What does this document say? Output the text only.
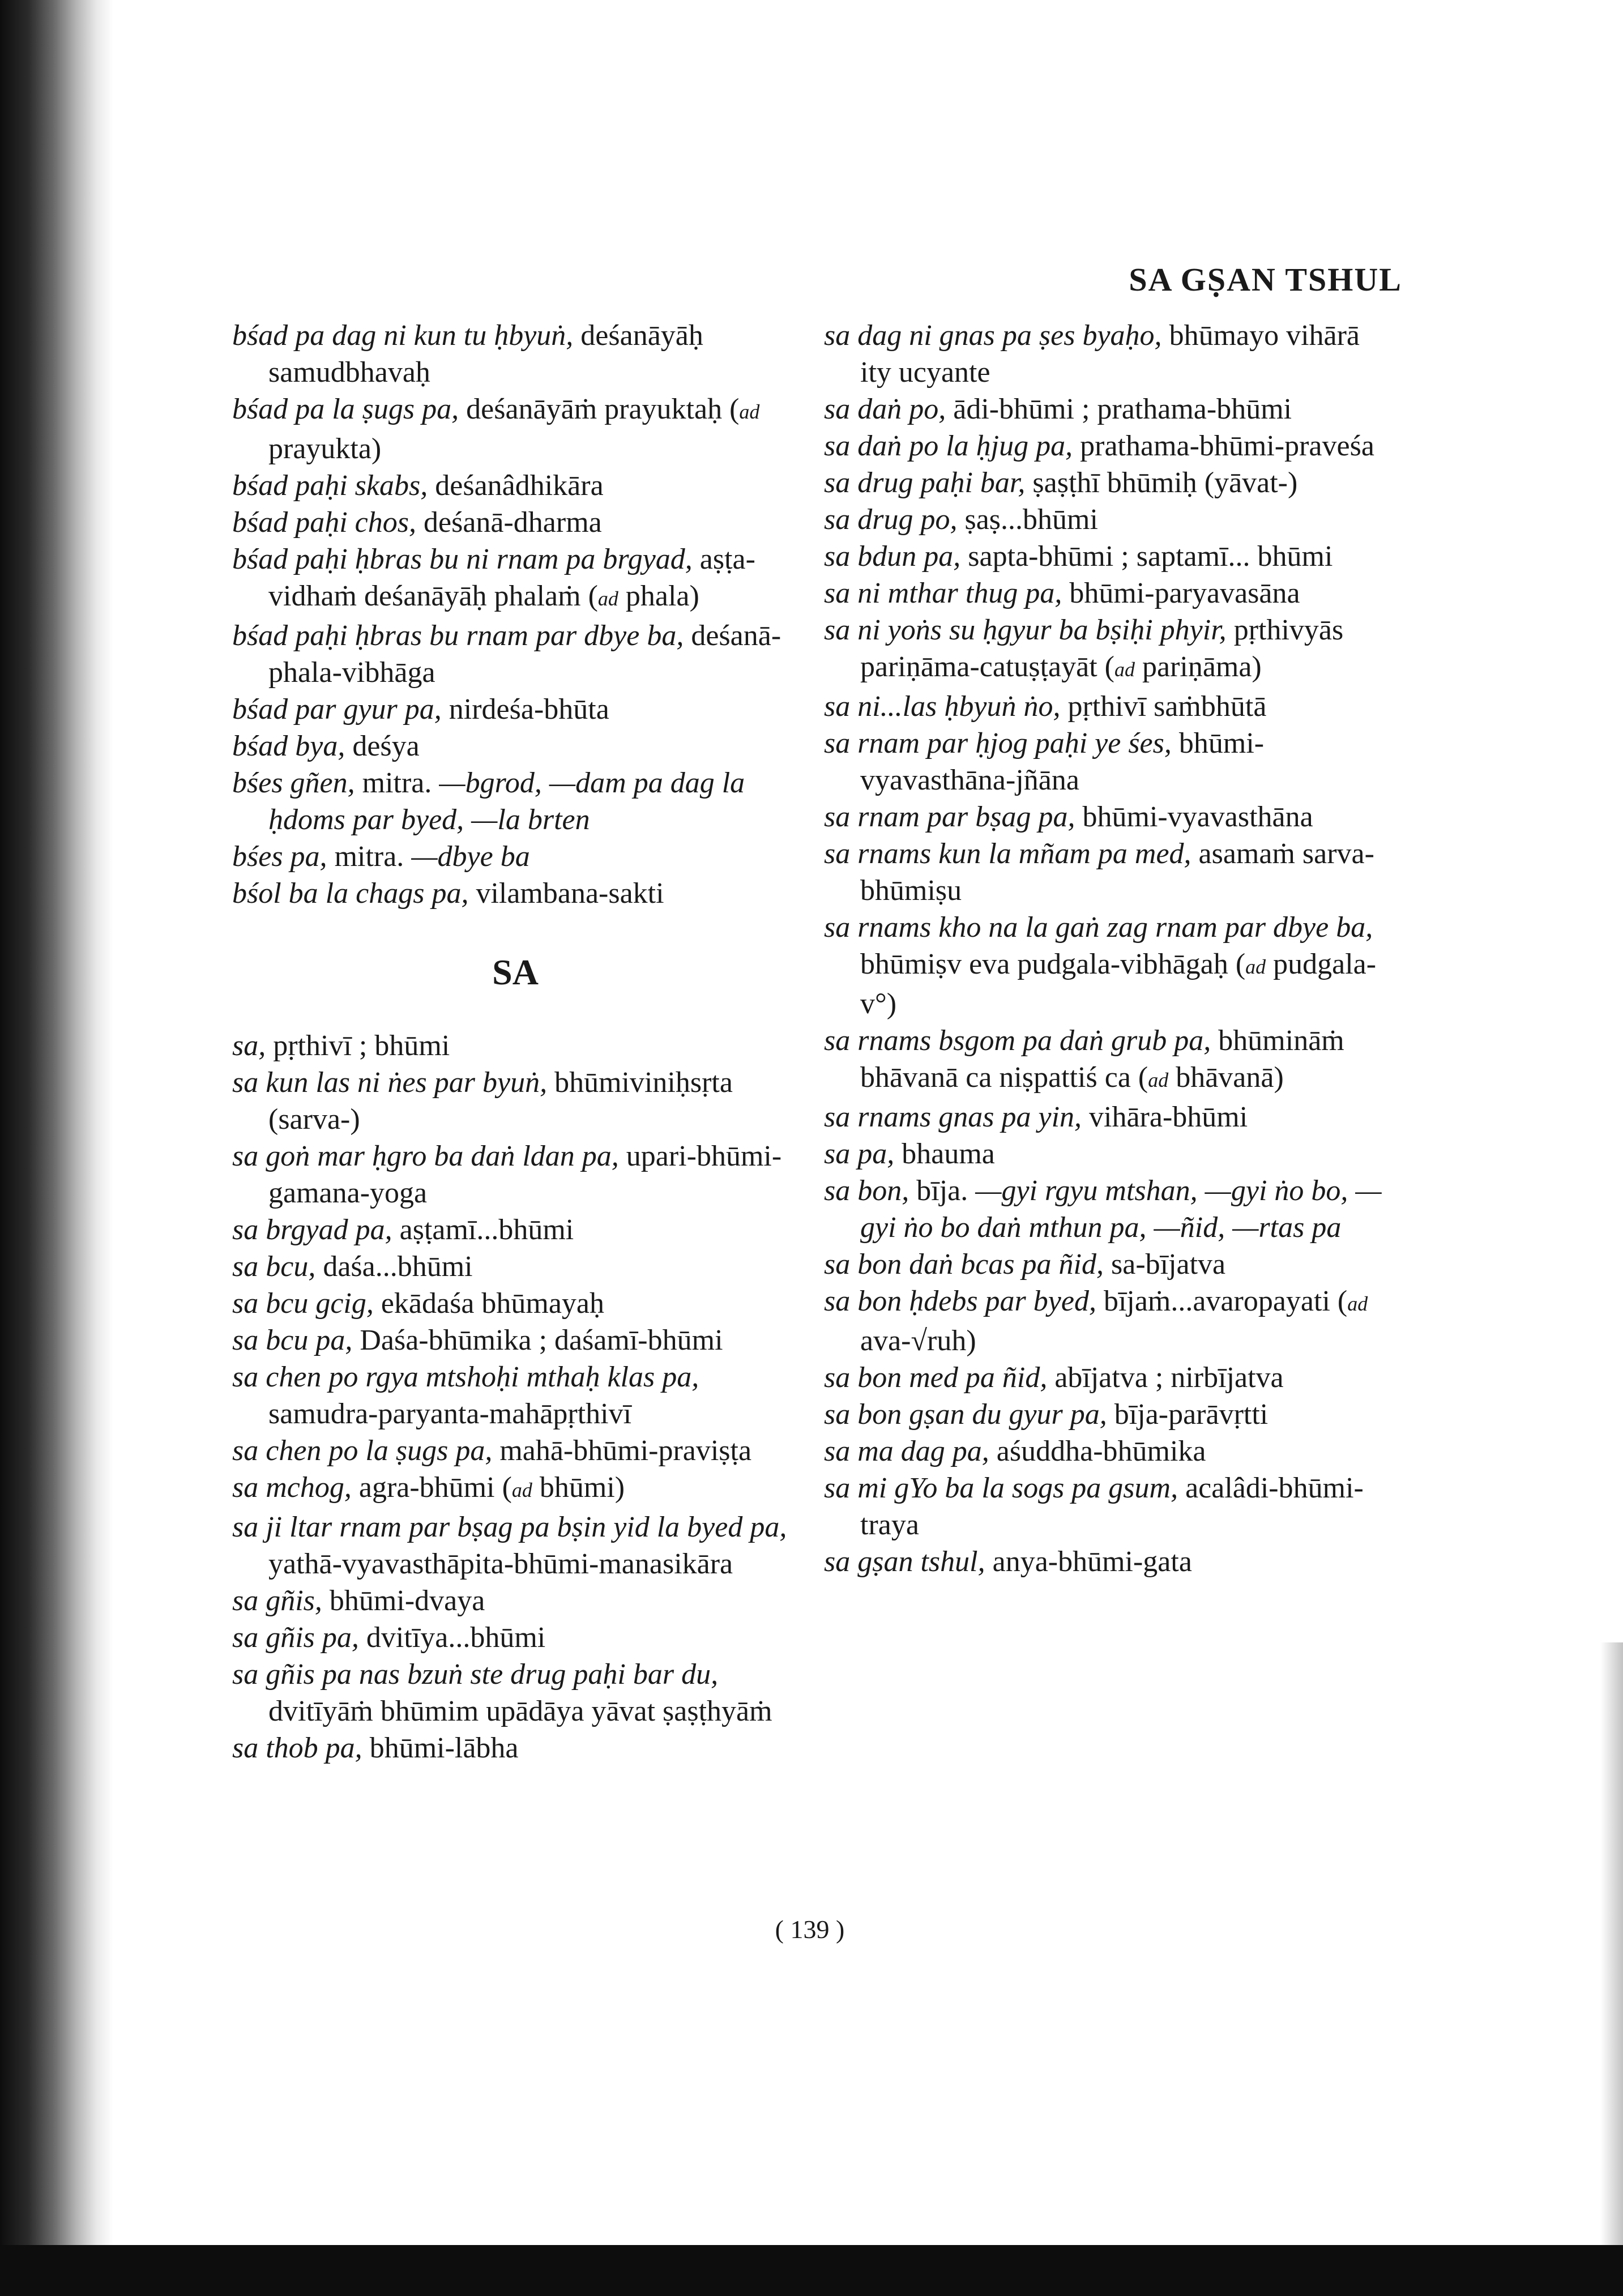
SA GṢAN TSHUL
bśad pa dag ni kun tu ḥbyuṅ, deśanāyāḥ samudbhavaḥ
bśad pa la ṣugs pa, deśanāyāṁ prayuktaḥ (ad prayukta)
bśad paḥi skabs, deśanâdhikāra
bśad paḥi chos, deśanā-dharma
bśad paḥi ḥbras bu ni rnam pa brgyad, aṣṭa-vidhaṁ deśanāyāḥ phalaṁ (ad phala)
bśad paḥi ḥbras bu rnam par dbye ba, deśanā-phala-vibhāga
bśad par gyur pa, nirdeśa-bhūta
bśad bya, deśya
bśes gñen, mitra. —bgrod, —dam pa dag la ḥdoms par byed, —la brten
bśes pa, mitra. —dbye ba
bśol ba la chags pa, vilambana-sakti
SA
sa, pṛthivī ; bhūmi
sa kun las ni ṅes par byuṅ, bhūmiviniḥsṛta (sarva-)
sa goṅ mar ḥgro ba daṅ ldan pa, upari-bhūmi-gamana-yoga
sa brgyad pa, aṣṭamī...bhūmi
sa bcu, daśa...bhūmi
sa bcu gcig, ekādaśa bhūmayaḥ
sa bcu pa, Daśa-bhūmika ; daśamī-bhūmi
sa chen po rgya mtshoḥi mthaḥ klas pa, samudra-paryanta-mahāpṛthivī
sa chen po la ṣugs pa, mahā-bhūmi-praviṣṭa
sa mchog, agra-bhūmi (ad bhūmi)
sa ji ltar rnam par bṣag pa bṣin yid la byed pa, yathā-vyavasthāpita-bhūmi-manasikāra
sa gñis, bhūmi-dvaya
sa gñis pa, dvitīya...bhūmi
sa gñis pa nas bzuṅ ste drug paḥi bar du, dvitīyāṁ bhūmim upādāya yāvat ṣaṣṭhyāṁ
sa thob pa, bhūmi-lābha
sa dag ni gnas pa ṣes byaḥo, bhūmayo vihārā ity ucyante
sa daṅ po, ādi-bhūmi ; prathama-bhūmi
sa daṅ po la ḥjug pa, prathama-bhūmi-praveśa
sa drug paḥi bar, ṣaṣṭhī bhūmiḥ (yāvat-)
sa drug po, ṣaṣ...bhūmi
sa bdun pa, sapta-bhūmi ; saptamī... bhūmi
sa ni mthar thug pa, bhūmi-paryavasāna
sa ni yoṅs su ḥgyur ba bṣiḥi phyir, pṛthivyās pariṇāma-catuṣṭayāt (ad pariṇāma)
sa ni...las ḥbyuṅ ṅo, pṛthivī saṁbhūtā
sa rnam par ḥjog paḥi ye śes, bhūmi-vyavasthāna-jñāna
sa rnam par bṣag pa, bhūmi-vyavasthāna
sa rnams kun la mñam pa med, asamaṁ sarva-bhūmiṣu
sa rnams kho na la gaṅ zag rnam par dbye ba, bhūmiṣv eva pudgala-vibhāgaḥ (ad pudgala-v°)
sa rnams bsgom pa daṅ grub pa, bhūmināṁ bhāvanā ca niṣpattiś ca (ad bhāvanā)
sa rnams gnas pa yin, vihāra-bhūmi
sa pa, bhauma
sa bon, bīja. —gyi rgyu mtshan, —gyi ṅo bo, —gyi ṅo bo daṅ mthun pa, —ñid, —rtas pa
sa bon daṅ bcas pa ñid, sa-bījatva
sa bon ḥdebs par byed, bījaṁ...avaropayati (ad ava-√ruh)
sa bon med pa ñid, abījatva ; nirbījatva
sa bon gṣan du gyur pa, bīja-parāvṛtti
sa ma dag pa, aśuddha-bhūmika
sa mi gYo ba la sogs pa gsum, acalâdi-bhūmi-traya
sa gṣan tshul, anya-bhūmi-gata
( 139 )
